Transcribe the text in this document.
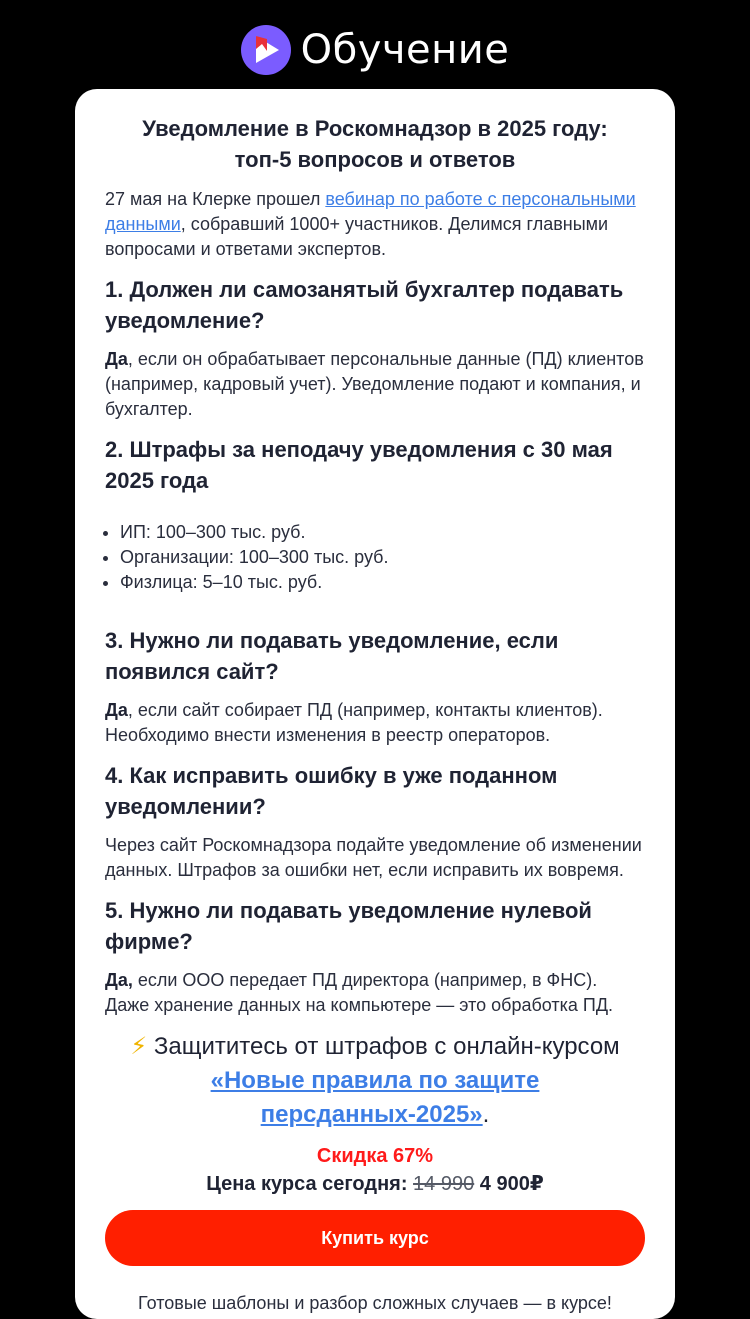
Обучение
Уведомление в Роскомнадзор в 2025 году:
топ-5 вопросов и ответов

27 мая на Клерке прошел вебинар по работе с персональными данными, собравший 1000+ участников. Делимся главными вопросами и ответами экспертов.

1. Должен ли самозанятый бухгалтер подавать уведомление?

Да, если он обрабатывает персональные данные (ПД) клиентов (например, кадровый учет). Уведомление подают и компания, и бухгалтер.

2. Штрафы за неподачу уведомления с 30 мая 2025 года
• ИП: 100–300 тыс. руб.
• Организации: 100–300 тыс. руб.
• Физлица: 5–10 тыс. руб.
3. Нужно ли подавать уведомление, если появился сайт?

Да, если сайт собирает ПД (например, контакты клиентов). Необходимо внести изменения в реестр операторов.

4. Как исправить ошибку в уже поданном уведомлении?

Через сайт Роскомнадзора подайте уведомление об изменении данных. Штрафов за ошибки нет, если исправить их вовремя.

5. Нужно ли подавать уведомление нулевой фирме?

Да, если ООО передает ПД директора (например, в ФНС). Даже хранение данных на компьютере — это обработка ПД.

⚡ Защититесь от штрафов с онлайн-курсом
«Новые правила по защите персданных-2025».
Скидка 67%
Цена курса сегодня: 14 990 4 900₽
Купить курс
Готовые шаблоны и разбор сложных случаев — в курсе!
